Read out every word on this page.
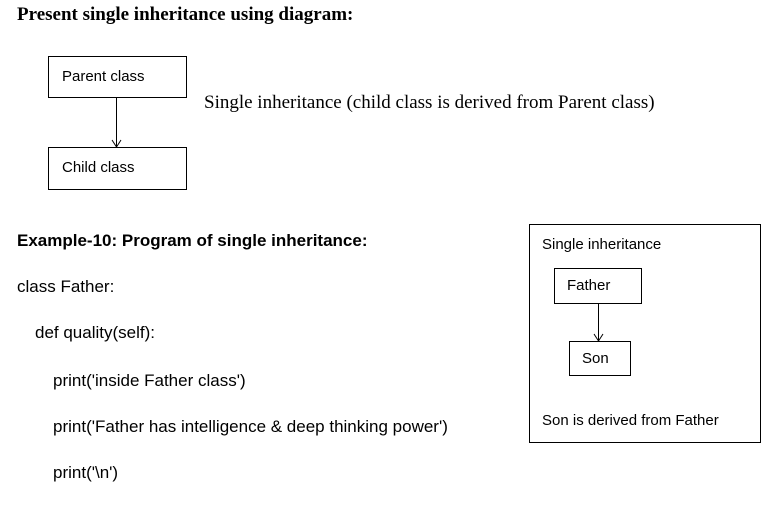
Present single inheritance using diagram:
Parent class
Child class
Single inheritance (child class is derived from Parent class)
Example-10: Program of single inheritance:
class Father:
def quality(self):
print('inside Father class')
print('Father has intelligence & deep thinking power')
print('\n')
Single inheritance
Father
Son
Son is derived from Father
